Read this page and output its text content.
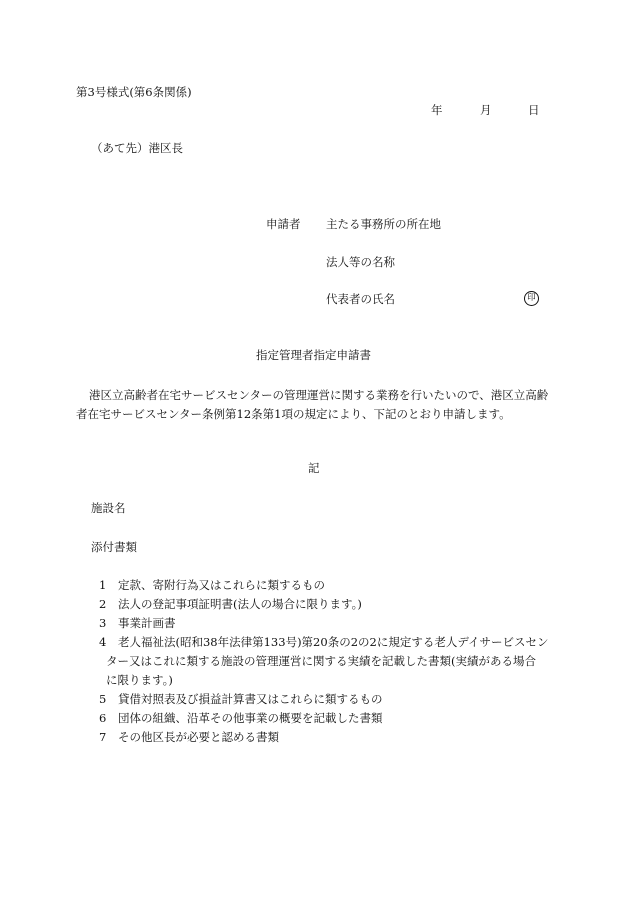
第3号様式(第6条関係)
年	月	日
（あて先）港区長
申請者 主たる事務所の所在地
法人等の名称
代表者の氏名	印
指定管理者指定申請書
港区立高齢者在宅サービスセンターの管理運営に関する業務を行いたいので、港区立高齢者在宅サービスセンター条例第12条第1項の規定により、下記のとおり申請します。
記
施設名
添付書類
1 定款、寄附行為又はこれらに類するもの
2 法人の登記事項証明書(法人の場合に限ります。)
3 事業計画書
4 老人福祉法(昭和38年法律第133号)第20条の2の2に規定する老人デイサービスセン
ター又はこれに類する施設の管理運営に関する実績を記載した書類(実績がある場合
に限ります。)
5 貸借対照表及び損益計算書又はこれらに類するもの
6 団体の組織、沿革その他事業の概要を記載した書類
7 その他区長が必要と認める書類
